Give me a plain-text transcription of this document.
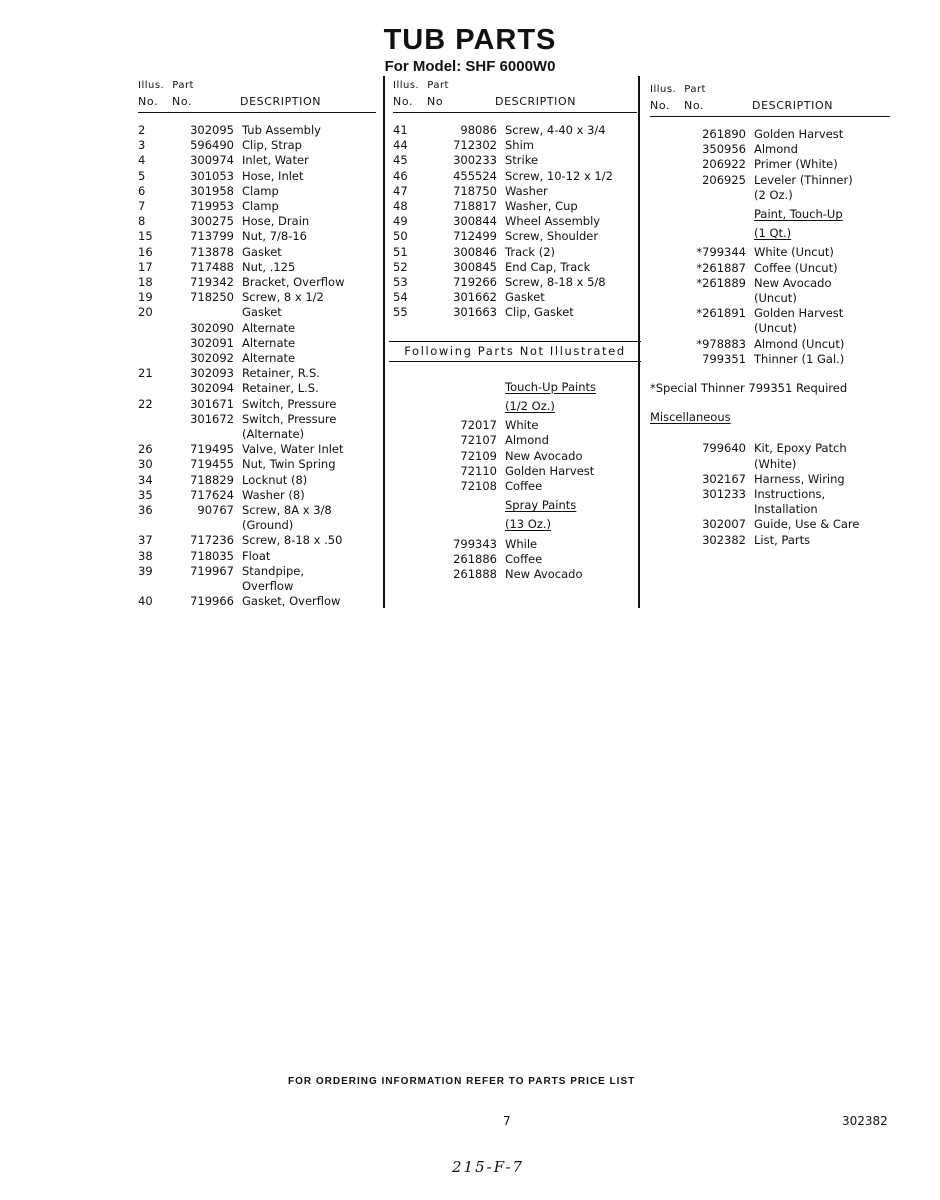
TUB PARTS
For Model: SHF 6000W0
Illus. Part
No. No.	DESCRIPTION
2	302095 Tub Assembly
3	596490 Clip, Strap
4	300974 Inlet, Water
5	301053 Hose, Inlet
6	301958 Clamp
7	719953 Clamp
8	300275 Hose, Drain
15	713799 Nut, 7/8-16
16	713878 Gasket
17	717488 Nut, .125
18	719342 Bracket, Overflow
19	718250 Screw, 8 x 1/2
20	Gasket
302090 Alternate
302091 Alternate
302092 Alternate
21	302093 Retainer, R.S.
302094 Retainer, L.S.
22	301671 Switch, Pressure
301672 Switch, Pressure
(Alternate)
26	719495 Valve, Water Inlet
30	719455 Nut, Twin Spring
34	718829 Locknut (8)
35	717624 Washer (8)
36	90767 Screw, 8A x 3/8
(Ground)
37	717236 Screw, 8-18 x .50
38	718035 Float
39	719967 Standpipe,
Overflow
40	719966 Gasket, Overflow
Illus. Part
No. No	DESCRIPTION
41	98086 Screw, 4-40 x 3/4
44	712302 Shim
45	300233 Strike
46	455524 Screw, 10-12 x 1/2
47	718750 Washer
48	718817 Washer, Cup
49	300844 Wheel Assembly
50	712499 Screw, Shoulder
51	300846 Track (2)
52	300845 End Cap, Track
53	719266 Screw, 8-18 x 5/8
54	301662 Gasket
55	301663 Clip, Gasket
Following Parts Not Illustrated
Touch-Up Paints
(1/2 Oz.)
72017 White
72107 Almond
72109 New Avocado
72110 Golden Harvest
72108 Coffee
Spray Paints
(13 Oz.)
799343 While
261886 Coffee
261888 New Avocado
Illus. Part
No. No.	DESCRIPTION
261890 Golden Harvest
350956 Almond
206922 Primer (White)
206925 Leveler (Thinner)
(2 Oz.)
Paint, Touch-Up
(1 Qt.)
*799344 White (Uncut)
*261887 Coffee (Uncut)
*261889 New Avocado
(Uncut)
*261891 Golden Harvest
(Uncut)
*978883 Almond (Uncut)
799351 Thinner (1 Gal.)
*Special Thinner 799351 Required
Miscellaneous
799640 Kit, Epoxy Patch
(White)
302167 Harness, Wiring
301233 Instructions,
Installation
302007 Guide, Use & Care
302382 List, Parts
FOR ORDERING INFORMATION REFER TO PARTS PRICE LIST
7	302382
215-F-7
